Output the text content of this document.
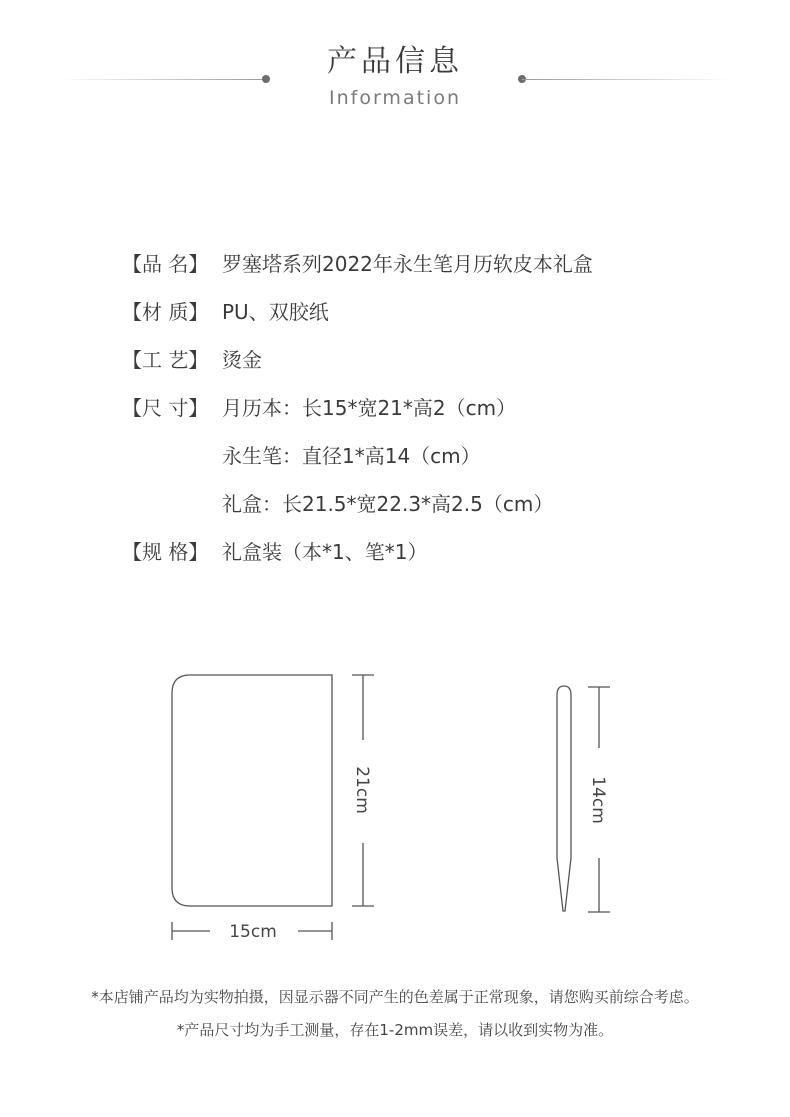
产品信息
Information
【品 名】 罗塞塔系列2022年永生笔月历软皮本礼盒
【材 质】 PU、双胶纸
【工 艺】 烫金
【尺 寸】 月历本：长15*宽21*高2（cm）
永生笔：直径1*高14（cm）
礼盒：长21.5*宽22.3*高2.5（cm）
【规 格】 礼盒装（本*1、笔*1）
21cm
15cm
14cm
*本店铺产品均为实物拍摄，因显示器不同产生的色差属于正常现象，请您购买前综合考虑。
*产品尺寸均为手工测量，存在1-2mm误差，请以收到实物为准。
